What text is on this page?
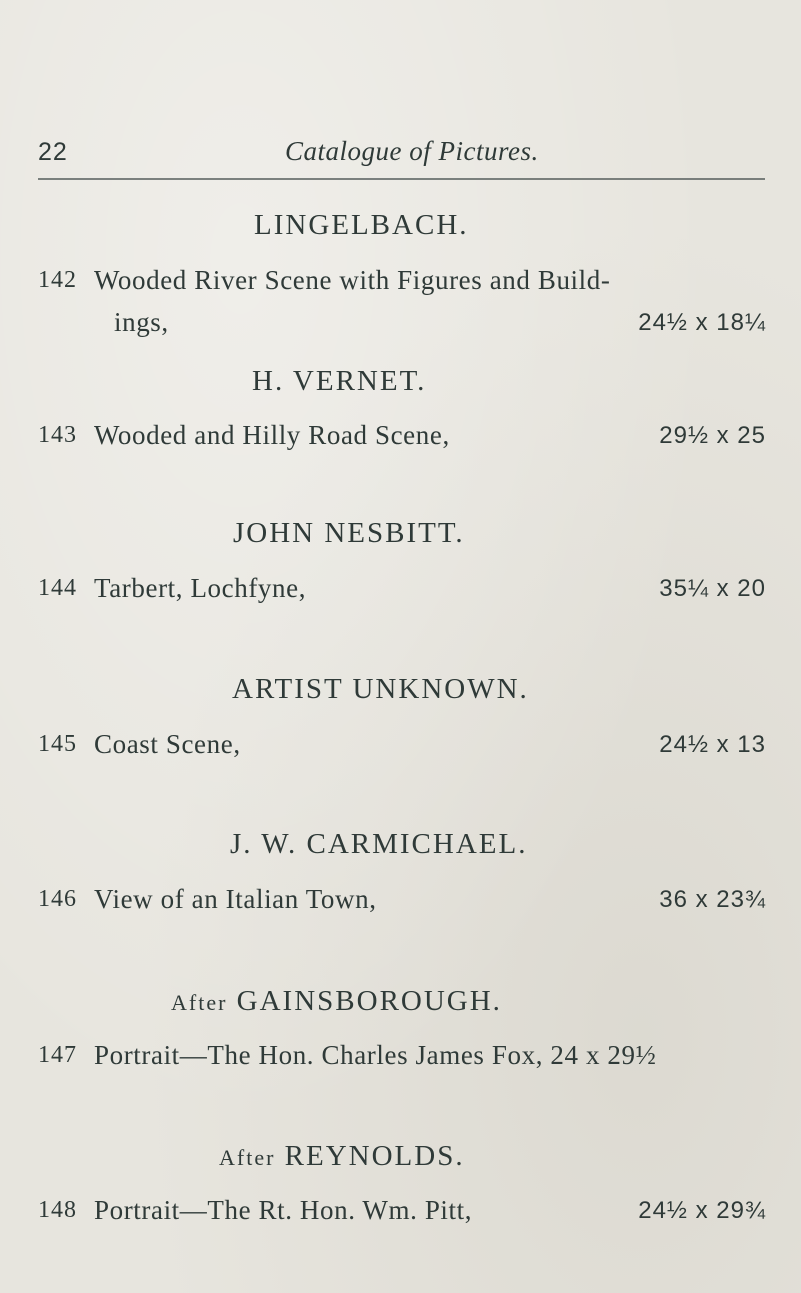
22	Catalogue of Pictures.
LINGELBACH.
142 Wooded River Scene with Figures and Build-
ings,	24½ x 18¼
H. VERNET.
143 Wooded and Hilly Road Scene,	29½ x 25
JOHN NESBITT.
144 Tarbert, Lochfyne,	35¼ x 20
ARTIST UNKNOWN.
145 Coast Scene,	24½ x 13
J. W. CARMICHAEL.
146 View of an Italian Town,	36 x 23¾
After GAINSBOROUGH.
147 Portrait—The Hon. Charles James Fox, 24 x 29½
After REYNOLDS.
148 Portrait—The Rt. Hon. Wm. Pitt,	24½ x 29¾
